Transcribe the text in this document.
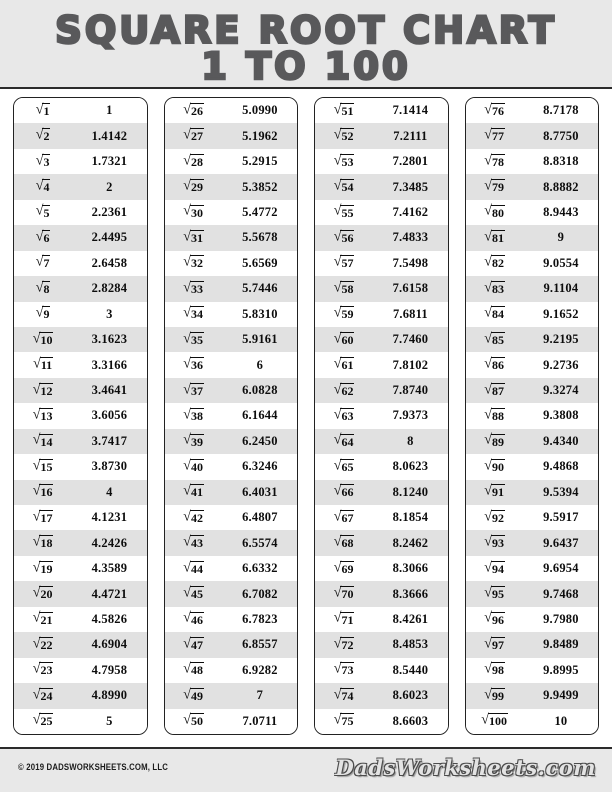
SQUARE ROOT CHART
1 TO 100
√ 1	1
√ 2	1.4142
√ 3	1.7321
√ 4	2
√ 5	2.2361
√ 6	2.4495
√ 7	2.6458
√ 8	2.8284
√ 9	3
√ 10	3.1623
√ 11	3.3166
√ 12	3.4641
√ 13	3.6056
√ 14	3.7417
√ 15	3.8730
√ 16	4
√ 17	4.1231
√ 18	4.2426
√ 19	4.3589
√ 20	4.4721
√ 21	4.5826
√ 22	4.6904
√ 23	4.7958
√ 24	4.8990
√ 25	5
√ 26	5.0990
√ 27	5.1962
√ 28	5.2915
√ 29	5.3852
√ 30	5.4772
√ 31	5.5678
√ 32	5.6569
√ 33	5.7446
√ 34	5.8310
√ 35	5.9161
√ 36	6
√ 37	6.0828
√ 38	6.1644
√ 39	6.2450
√ 40	6.3246
√ 41	6.4031
√ 42	6.4807
√ 43	6.5574
√ 44	6.6332
√ 45	6.7082
√ 46	6.7823
√ 47	6.8557
√ 48	6.9282
√ 49	7
√ 50	7.0711
√ 51	7.1414
√ 52	7.2111
√ 53	7.2801
√ 54	7.3485
√ 55	7.4162
√ 56	7.4833
√ 57	7.5498
√ 58	7.6158
√ 59	7.6811
√ 60	7.7460
√ 61	7.8102
√ 62	7.8740
√ 63	7.9373
√ 64	8
√ 65	8.0623
√ 66	8.1240
√ 67	8.1854
√ 68	8.2462
√ 69	8.3066
√ 70	8.3666
√ 71	8.4261
√ 72	8.4853
√ 73	8.5440
√ 74	8.6023
√ 75	8.6603
√ 76	8.7178
√ 77	8.7750
√ 78	8.8318
√ 79	8.8882
√ 80	8.9443
√ 81	9
√ 82	9.0554
√ 83	9.1104
√ 84	9.1652
√ 85	9.2195
√ 86	9.2736
√ 87	9.3274
√ 88	9.3808
√ 89	9.4340
√ 90	9.4868
√ 91	9.5394
√ 92	9.5917
√ 93	9.6437
√ 94	9.6954
√ 95	9.7468
√ 96	9.7980
√ 97	9.8489
√ 98	9.8995
√ 99	9.9499
√ 100	10
© 2019 DADSWORKSHEETS.COM, LLC	DadsWorksheets.com
